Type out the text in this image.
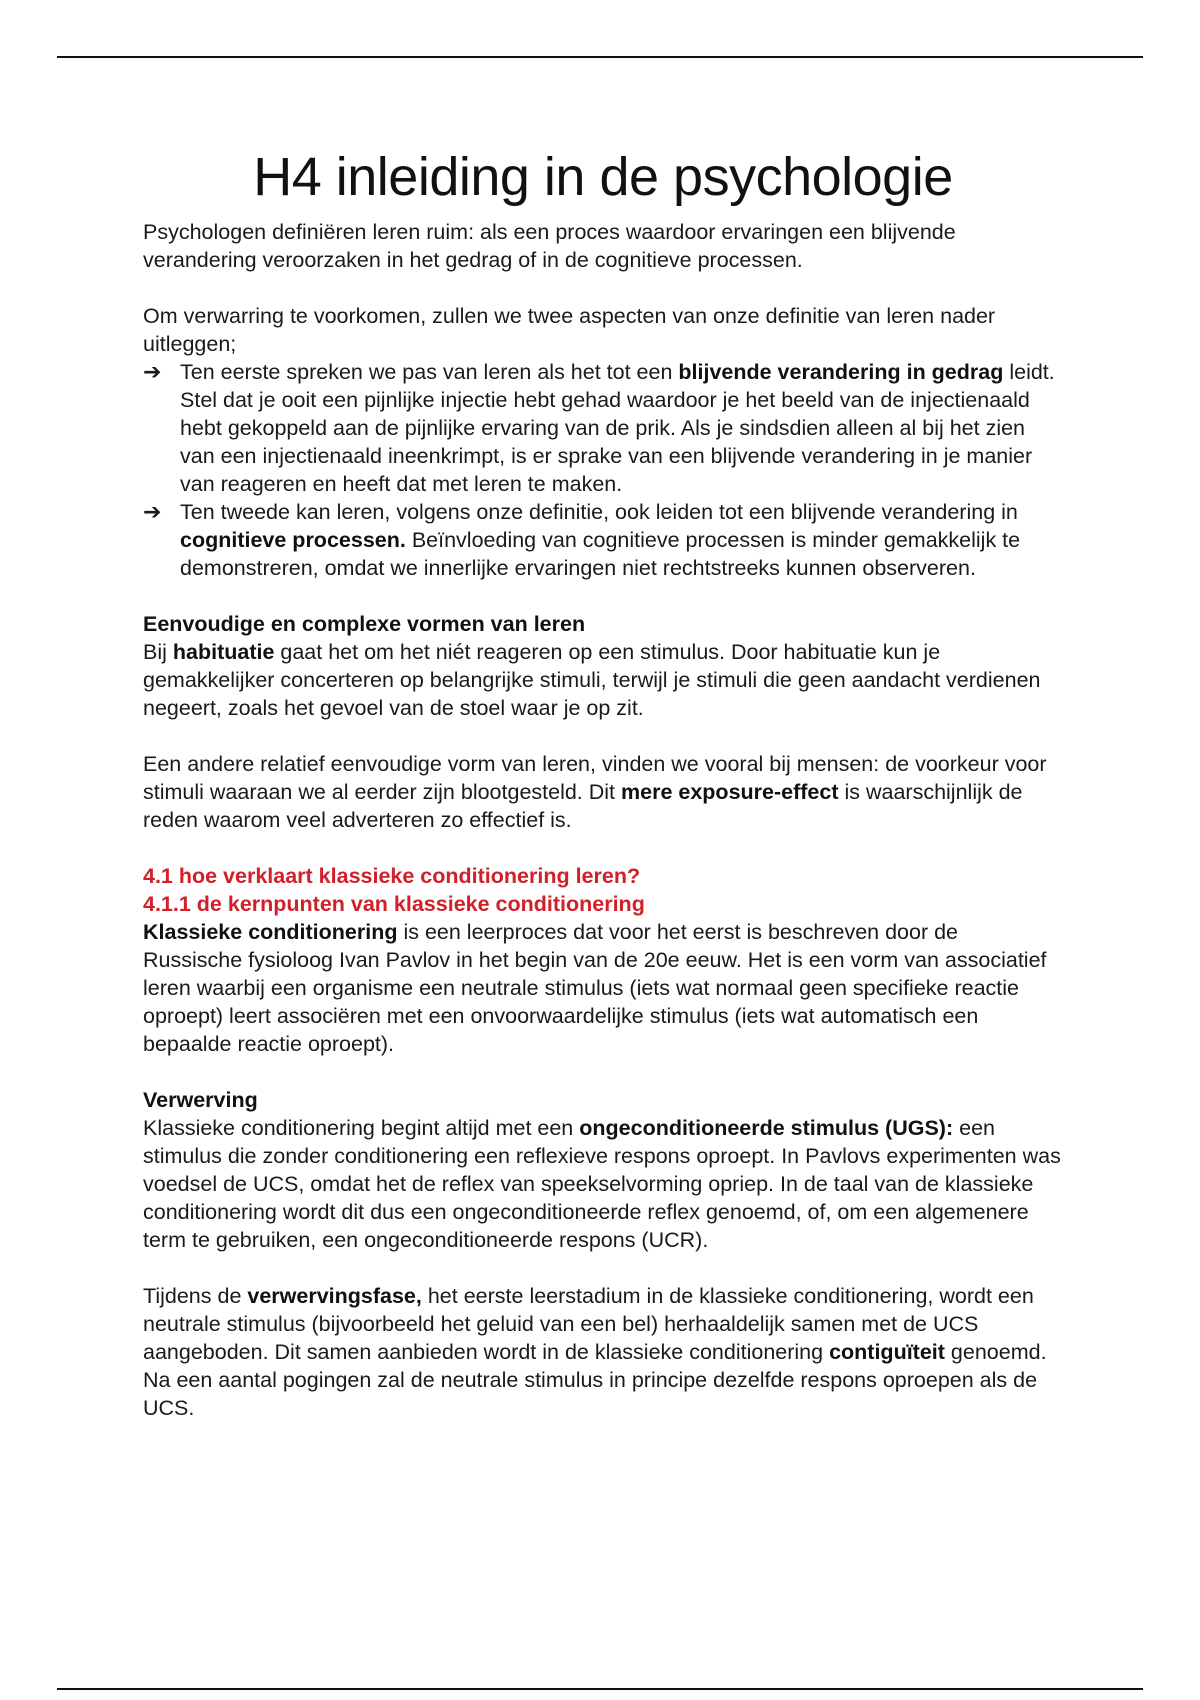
H4 inleiding in de psychologie

Psychologen definiëren leren ruim: als een proces waardoor ervaringen een blijvende verandering veroorzaken in het gedrag of in de cognitieve processen.

Om verwarring te voorkomen, zullen we twee aspecten van onze definitie van leren nader uitleggen;

➔ Ten eerste spreken we pas van leren als het tot een blijvende verandering in gedrag leidt. Stel dat je ooit een pijnlijke injectie hebt gehad waardoor je het beeld van de injectienaald hebt gekoppeld aan de pijnlijke ervaring van de prik. Als je sindsdien alleen al bij het zien van een injectienaald ineenkrimpt, is er sprake van een blijvende verandering in je manier van reageren en heeft dat met leren te maken.
➔ Ten tweede kan leren, volgens onze definitie, ook leiden tot een blijvende verandering in cognitieve processen. Beïnvloeding van cognitieve processen is minder gemakkelijk te demonstreren, omdat we innerlijke ervaringen niet rechtstreeks kunnen observeren.
Eenvoudige en complexe vormen van leren

Bij habituatie gaat het om het niét reageren op een stimulus. Door habituatie kun je gemakkelijker concerteren op belangrijke stimuli, terwijl je stimuli die geen aandacht verdienen negeert, zoals het gevoel van de stoel waar je op zit.

Een andere relatief eenvoudige vorm van leren, vinden we vooral bij mensen: de voorkeur voor stimuli waaraan we al eerder zijn blootgesteld. Dit mere exposure-effect is waarschijnlijk de reden waarom veel adverteren zo effectief is.

4.1 hoe verklaart klassieke conditionering leren?
4.1.1 de kernpunten van klassieke conditionering

Klassieke conditionering is een leerproces dat voor het eerst is beschreven door de Russische fysioloog Ivan Pavlov in het begin van de 20e eeuw. Het is een vorm van associatief leren waarbij een organisme een neutrale stimulus (iets wat normaal geen specifieke reactie oproept) leert associëren met een onvoorwaardelijke stimulus (iets wat automatisch een bepaalde reactie oproept).

Verwerving

Klassieke conditionering begint altijd met een ongeconditioneerde stimulus (UGS): een stimulus die zonder conditionering een reflexieve respons oproept. In Pavlovs experimenten was voedsel de UCS, omdat het de reflex van speekselvorming opriep. In de taal van de klassieke conditionering wordt dit dus een ongeconditioneerde reflex genoemd, of, om een algemenere term te gebruiken, een ongeconditioneerde respons (UCR).

Tijdens de verwervingsfase, het eerste leerstadium in de klassieke conditionering, wordt een neutrale stimulus (bijvoorbeeld het geluid van een bel) herhaaldelijk samen met de UCS aangeboden. Dit samen aanbieden wordt in de klassieke conditionering contiguïteit genoemd. Na een aantal pogingen zal de neutrale stimulus in principe dezelfde respons oproepen als de UCS.
